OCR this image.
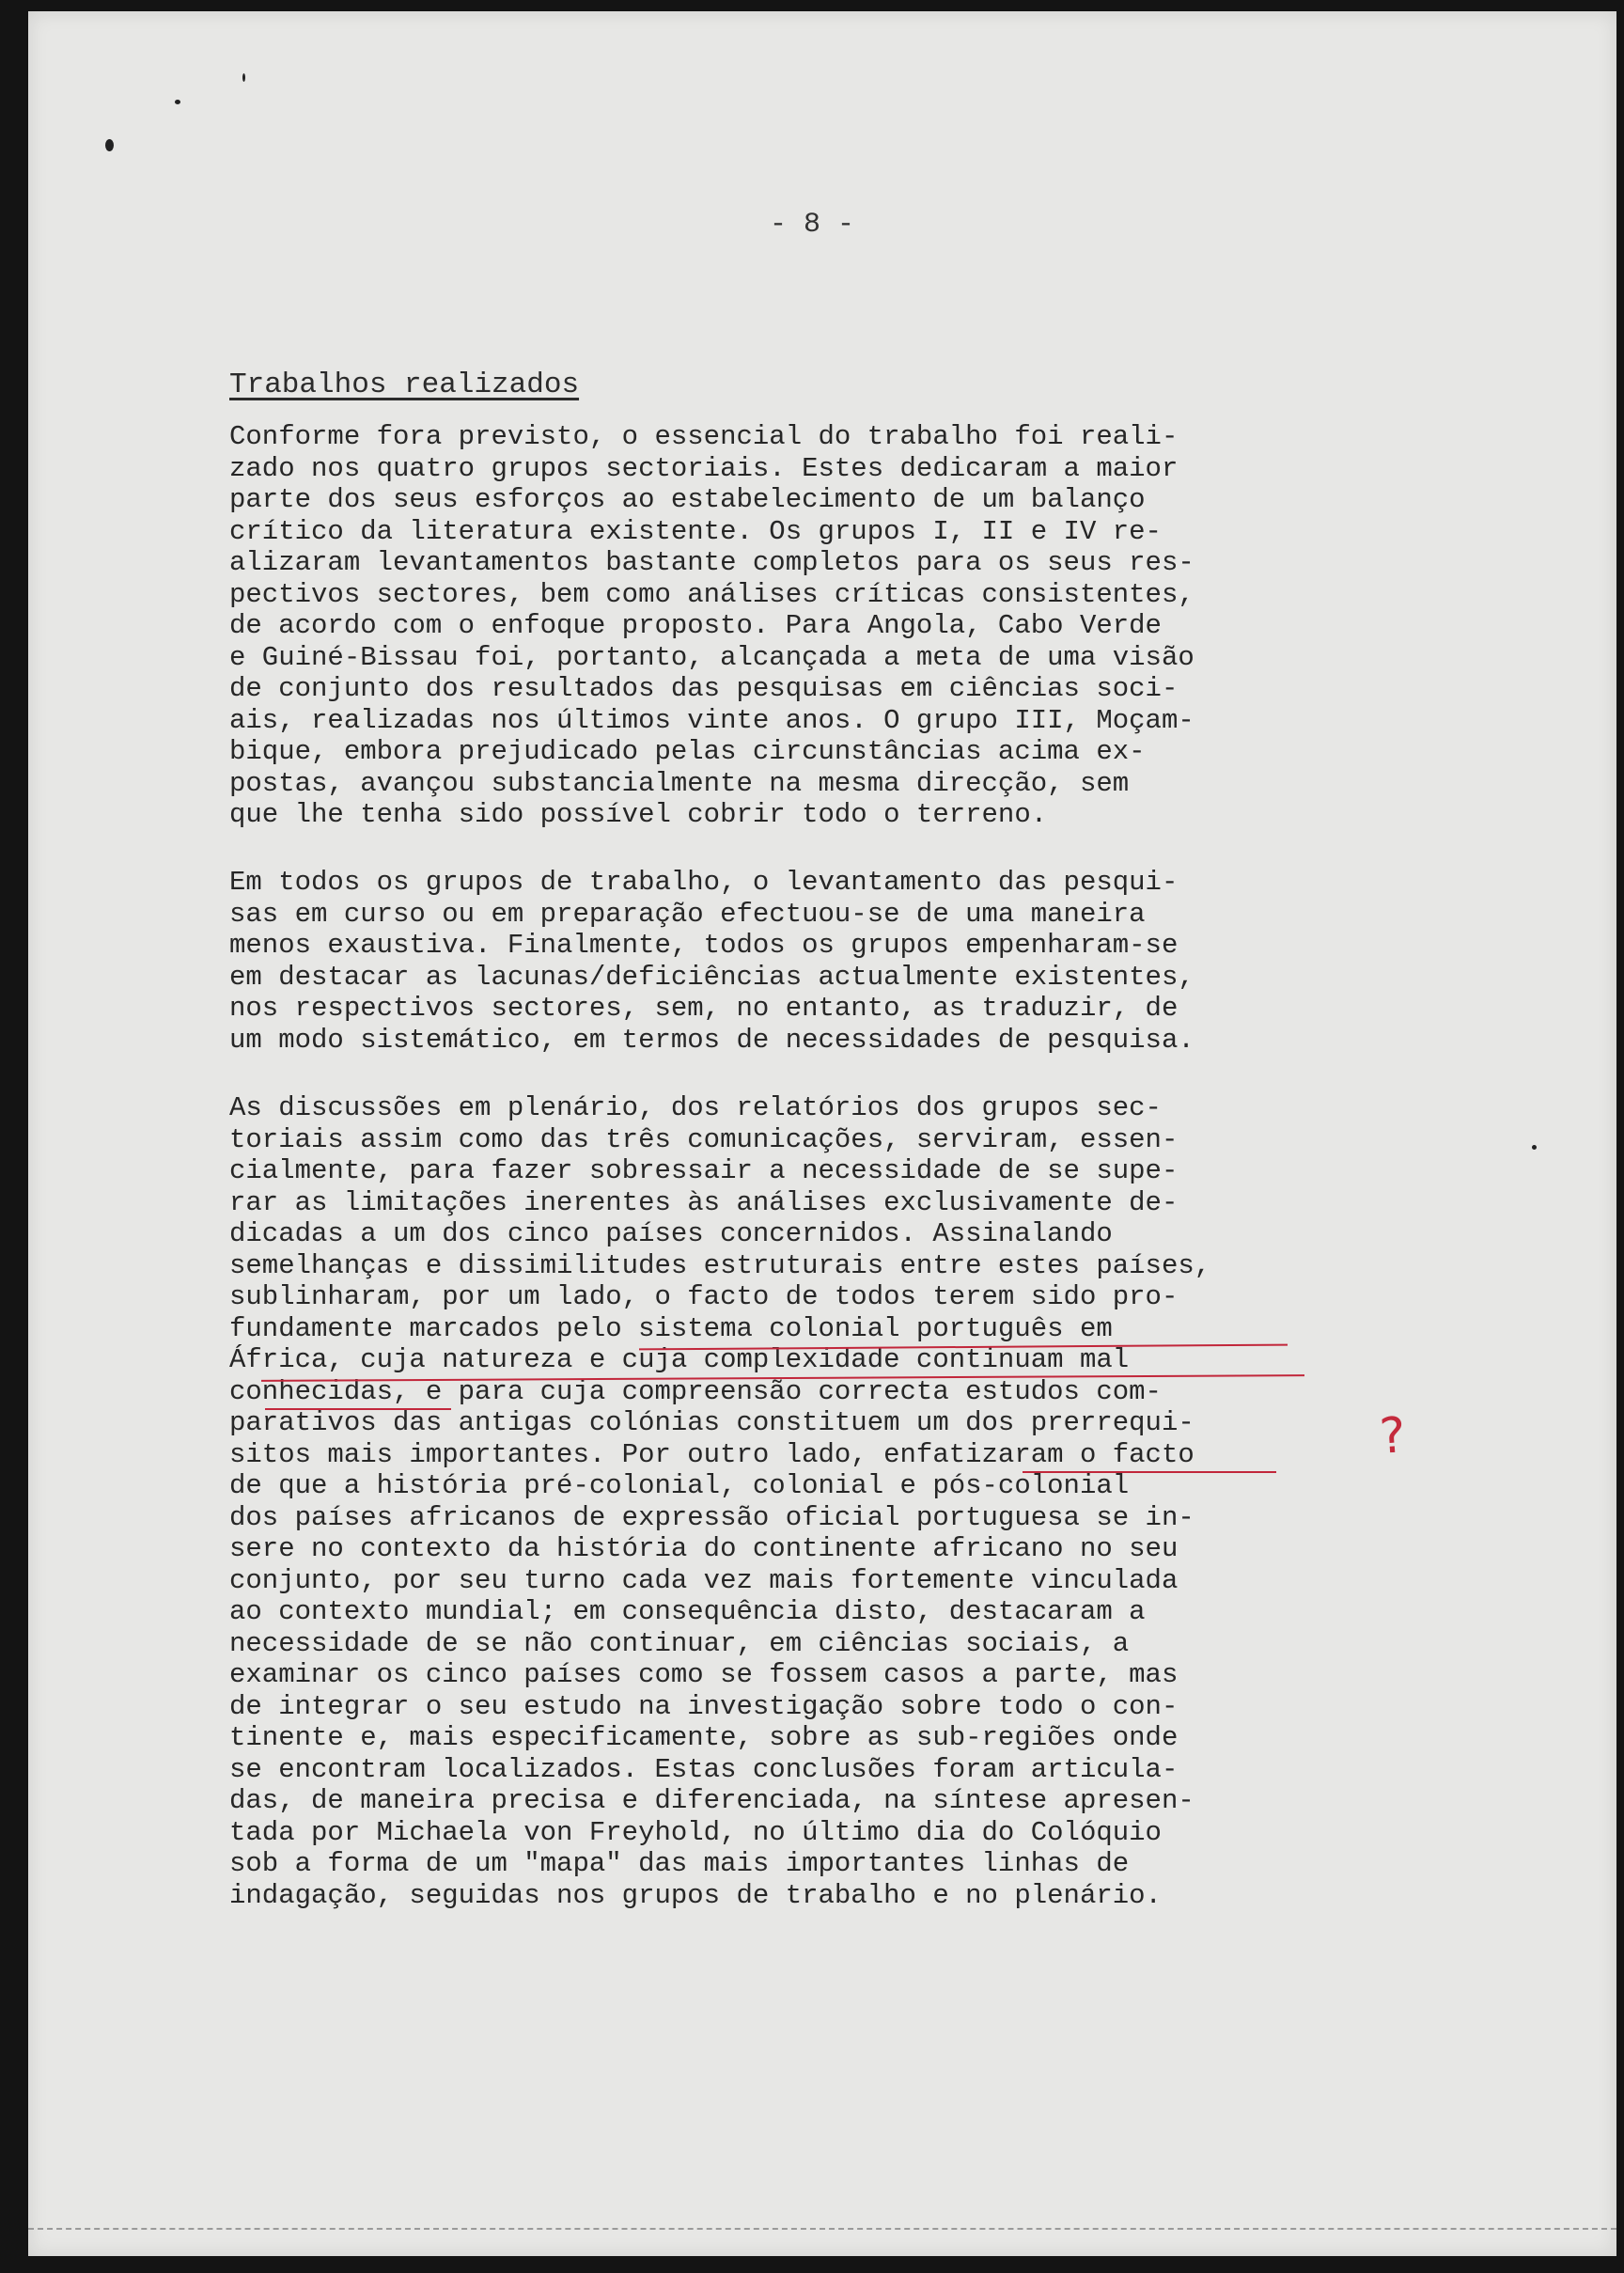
- 8 -
Trabalhos realizados
Conforme fora previsto, o essencial do trabalho foi reali-
zado nos quatro grupos sectoriais. Estes dedicaram a maior
parte dos seus esforços ao estabelecimento de um balanço
crítico da literatura existente. Os grupos I, II e IV re-
alizaram levantamentos bastante completos para os seus res-
pectivos sectores, bem como análises críticas consistentes,
de acordo com o enfoque proposto. Para Angola, Cabo Verde
e Guiné-Bissau foi, portanto, alcançada a meta de uma visão
de conjunto dos resultados das pesquisas em ciências soci-
ais, realizadas nos últimos vinte anos. O grupo III, Moçam-
bique, embora prejudicado pelas circunstâncias acima ex-
postas, avançou substancialmente na mesma direcção, sem
que lhe tenha sido possível cobrir todo o terreno.
Em todos os grupos de trabalho, o levantamento das pesqui-
sas em curso ou em preparação efectuou-se de uma maneira
menos exaustiva. Finalmente, todos os grupos empenharam-se
em destacar as lacunas/deficiências actualmente existentes,
nos respectivos sectores, sem, no entanto, as traduzir, de
um modo sistemático, em termos de necessidades de pesquisa.
As discussões em plenário, dos relatórios dos grupos sec-
toriais assim como das três comunicações, serviram, essen-
cialmente, para fazer sobressair a necessidade de se supe-
rar as limitações inerentes às análises exclusivamente de-
dicadas a um dos cinco países concernidos. Assinalando
semelhanças e dissimilitudes estruturais entre estes países,
sublinharam, por um lado, o facto de todos terem sido pro-
fundamente marcados pelo sistema colonial português em
África, cuja natureza e cuja complexidade continuam mal
conhecidas, e para cuja compreensão correcta estudos com-
parativos das antigas colónias constituem um dos prerrequi-
sitos mais importantes. Por outro lado, enfatizaram o facto
de que a história pré-colonial, colonial e pós-colonial
dos países africanos de expressão oficial portuguesa se in-
sere no contexto da história do continente africano no seu
conjunto, por seu turno cada vez mais fortemente vinculada
ao contexto mundial; em consequência disto, destacaram a
necessidade de se não continuar, em ciências sociais, a
examinar os cinco países como se fossem casos a parte, mas
de integrar o seu estudo na investigação sobre todo o con-
tinente e, mais especificamente, sobre as sub-regiões onde
se encontram localizados. Estas conclusões foram articula-
das, de maneira precisa e diferenciada, na síntese apresen-
tada por Michaela von Freyhold, no último dia do Colóquio
sob a forma de um "mapa" das mais importantes linhas de
indagação, seguidas nos grupos de trabalho e no plenário.
?
